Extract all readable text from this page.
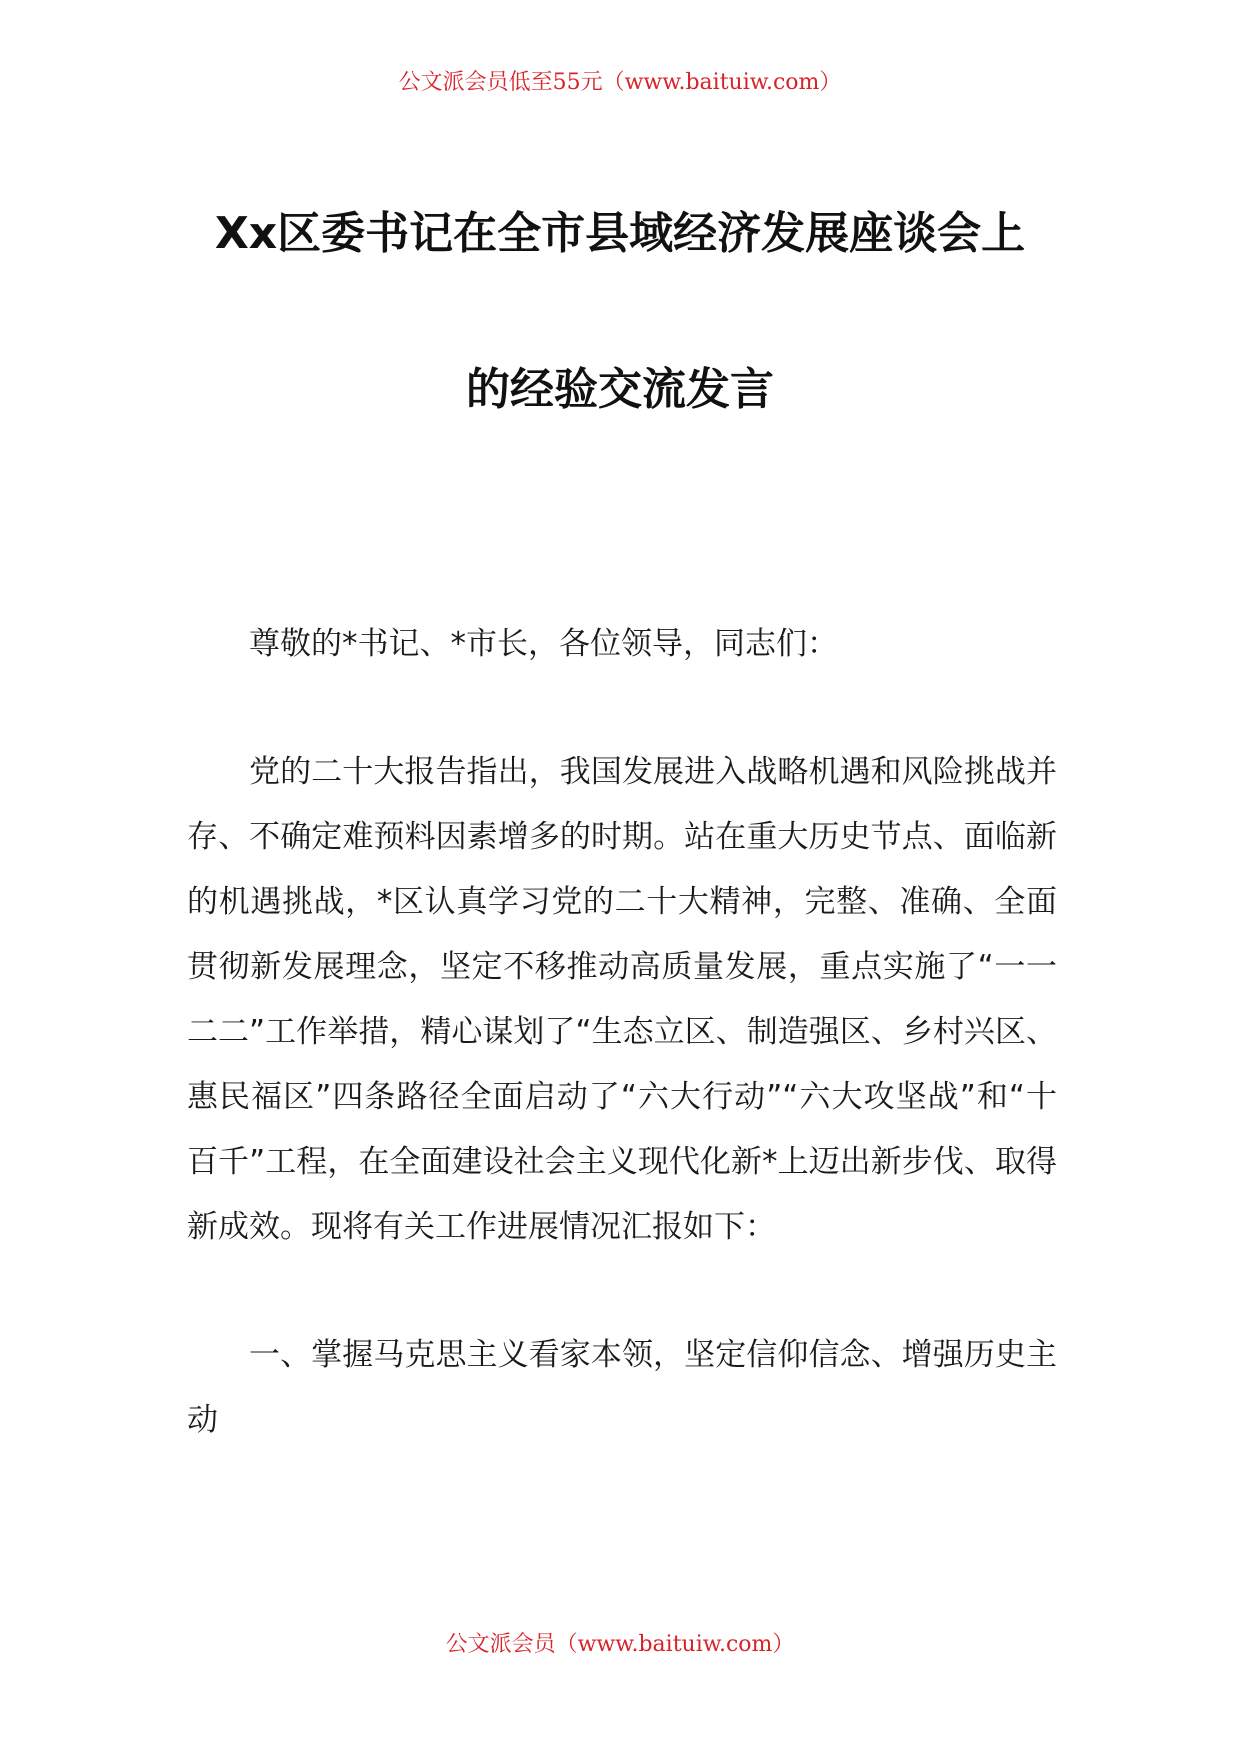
公文派会员低至55元（www.baituiw.com）
Xx区委书记在全市县域经济发展座谈会上
的经验交流发言

尊敬的*书记、*市长，各位领导，同志们：

党的二十大报告指出，我国发展进入战略机遇和风险挑战并存、不确定难预料因素增多的时期。站在重大历史节点、面临新的机遇挑战，*区认真学习党的二十大精神，完整、准确、全面贯彻新发展理念，坚定不移推动高质量发展，重点实施了“一一二二”工作举措，精心谋划了“生态立区、制造强区、乡村兴区、惠民福区”四条路径全面启动了“六大行动”“六大攻坚战”和“十百千”工程，在全面建设社会主义现代化新*上迈出新步伐、取得新成效。现将有关工作进展情况汇报如下：

一、掌握马克思主义看家本领，坚定信仰信念、增强历史主动

公文派会员（www.baituiw.com）
